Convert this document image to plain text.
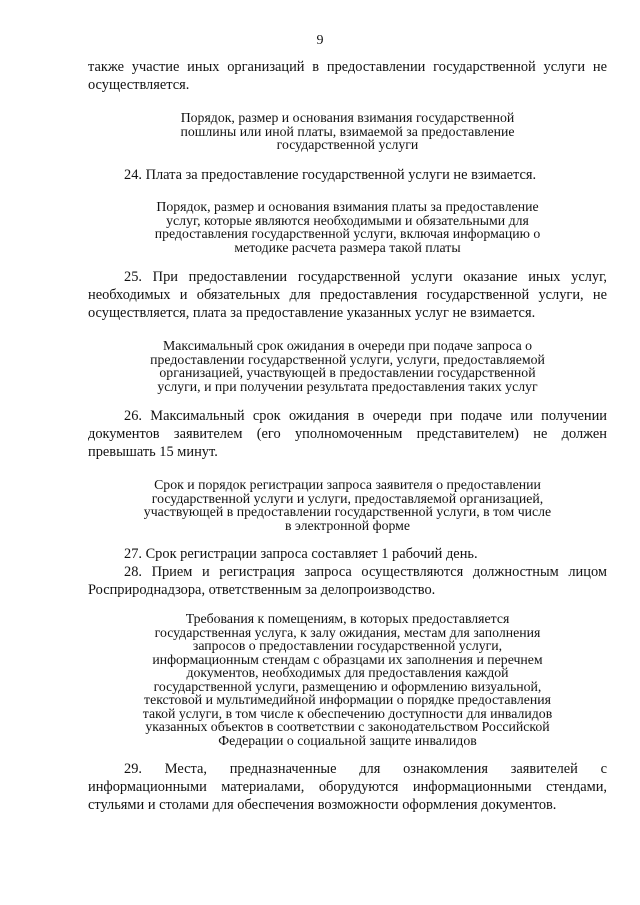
9
также участие иных организаций в предоставлении государственной услуги не
осуществляется.
Порядок, размер и основания взимания государственной
пошлины или иной платы, взимаемой за предоставление
государственной услуги
24. Плата за предоставление государственной услуги не взимается.
Порядок, размер и основания взимания платы за предоставление
услуг, которые являются необходимыми и обязательными для
предоставления государственной услуги, включая информацию о
методике расчета размера такой платы
25. При предоставлении государственной услуги оказание иных услуг,
необходимых и обязательных для предоставления государственной услуги, не
осуществляется, плата за предоставление указанных услуг не взимается.
Максимальный срок ожидания в очереди при подаче запроса о
предоставлении государственной услуги, услуги, предоставляемой
организацией, участвующей в предоставлении государственной
услуги, и при получении результата предоставления таких услуг
26. Максимальный срок ожидания в очереди при подаче или получении
документов заявителем (его уполномоченным представителем) не должен
превышать 15 минут.
Срок и порядок регистрации запроса заявителя о предоставлении
государственной услуги и услуги, предоставляемой организацией,
участвующей в предоставлении государственной услуги, в том числе
в электронной форме
27. Срок регистрации запроса составляет 1 рабочий день.
28. Прием и регистрация запроса осуществляются должностным лицом
Росприроднадзора, ответственным за делопроизводство.
Требования к помещениям, в которых предоставляется
государственная услуга, к залу ожидания, местам для заполнения
запросов о предоставлении государственной услуги,
информационным стендам с образцами их заполнения и перечнем
документов, необходимых для предоставления каждой
государственной услуги, размещению и оформлению визуальной,
текстовой и мультимедийной информации о порядке предоставления
такой услуги, в том числе к обеспечению доступности для инвалидов
указанных объектов в соответствии с законодательством Российской
Федерации о социальной защите инвалидов
29. Места, предназначенные для ознакомления заявителей с
информационными материалами, оборудуются информационными стендами,
стульями и столами для обеспечения возможности оформления документов.
